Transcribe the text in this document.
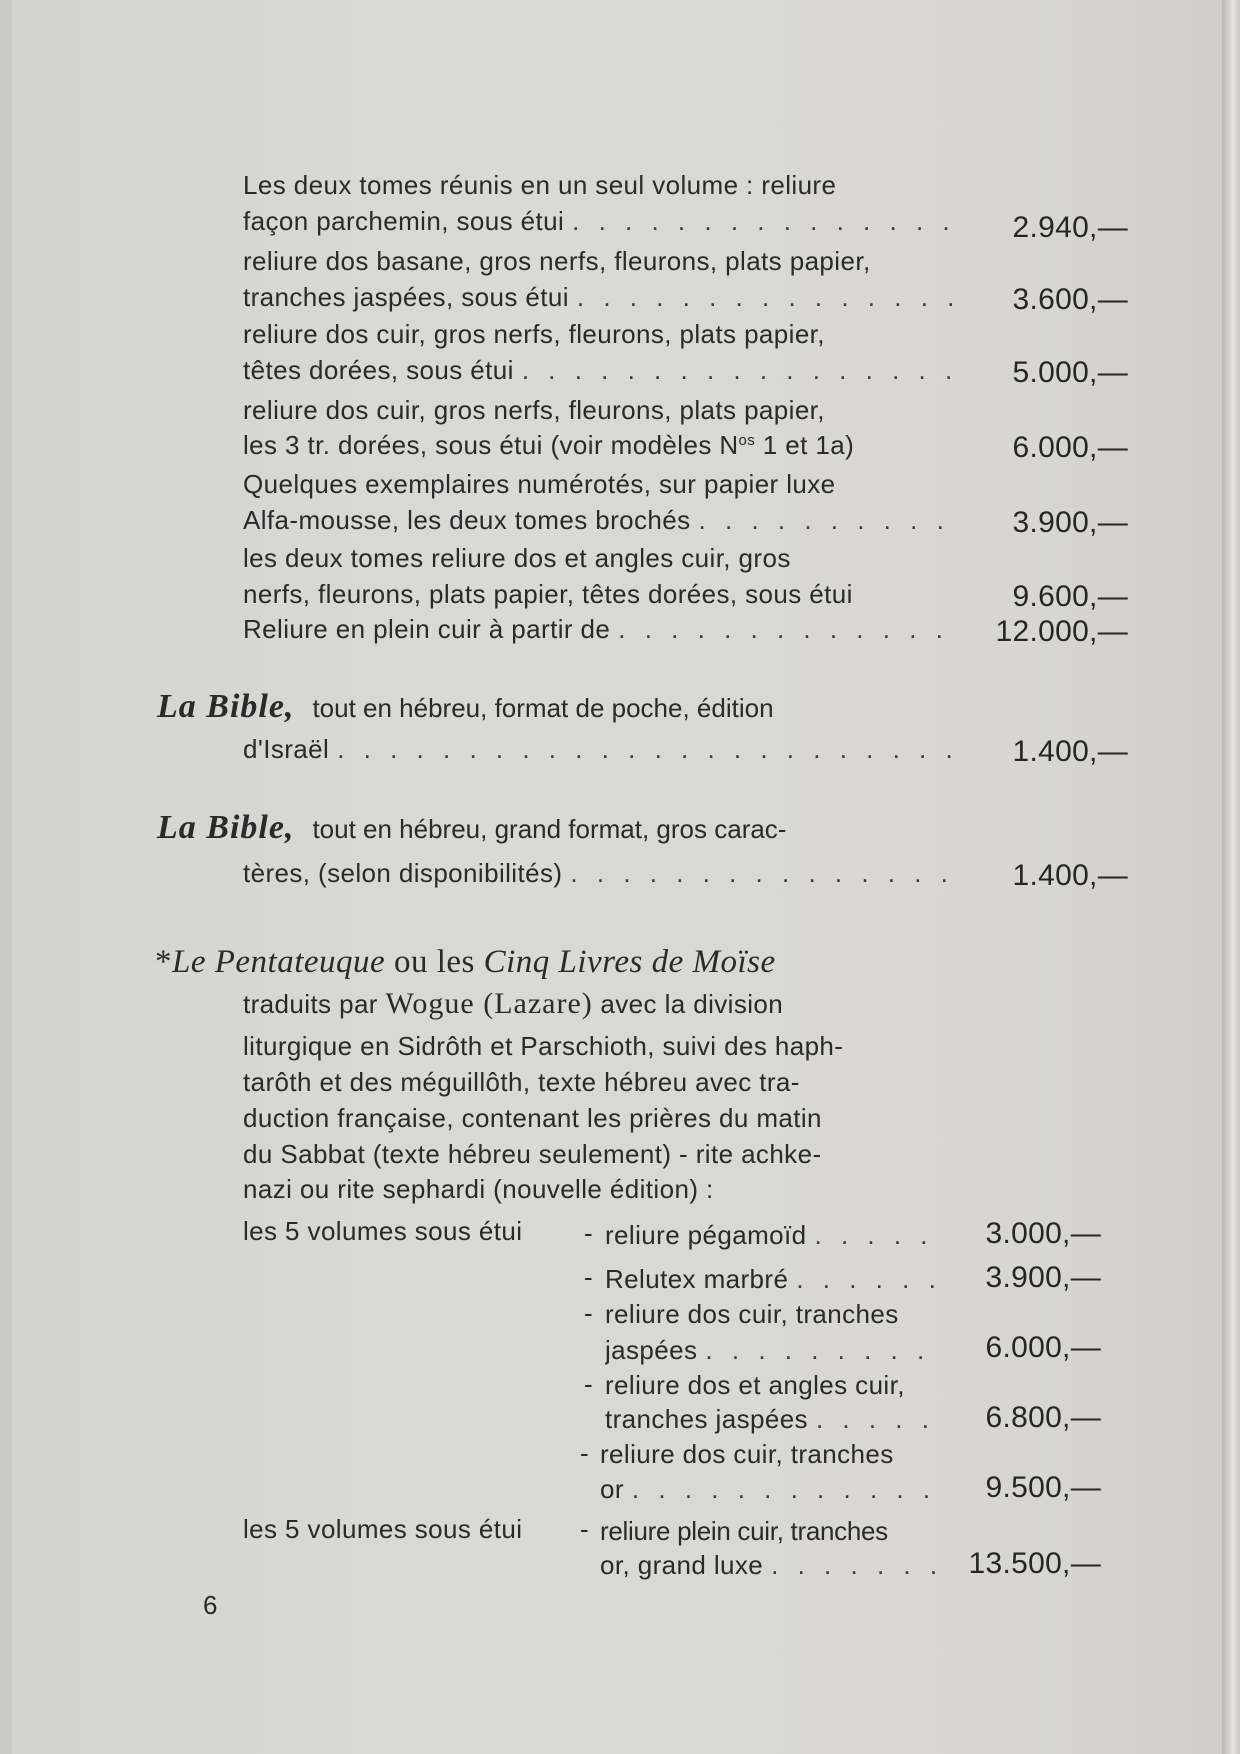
Les deux tomes réunis en un seul volume : reliure
façon parchemin, sous étui . . .	2.940,—
reliure dos basane, gros nerfs, fleurons, plats papier,
tranches jaspées, sous étui . . .	3.600,—
reliure dos cuir, gros nerfs, fleurons, plats papier,
têtes dorées, sous étui . . .	5.000,—
reliure dos cuir, gros nerfs, fleurons, plats papier,
les 3 tr. dorées, sous étui (voir modèles $N^{os}$ 1 et 1a)	6.000,—
Quelques exemplaires numérotés, sur papier luxe
Alfa-mousse, les deux tomes brochés . . .	3.900,—
les deux tomes reliure dos et angles cuir, gros
nerfs, fleurons, plats papier, têtes dorées, sous étui	9.600,—
Reliure en plein cuir à partir de . . .	12.000,—
La Bible, tout en hébreu, format de poche, édition
d'Israël . . .	1.400,—
La Bible, tout en hébreu, grand format, gros carac-
tères, (selon disponibilités) . . .	1.400,—
*Le Pentateuque ou les Cinq Livres de Moïse
traduits par Wogue (Lazare) avec la division
liturgique en Sidrôth et Parschioth, suivi des haph-
tarôth et des méguillôth, texte hébreu avec tra-
duction française, contenant les prières du matin
du Sabbat (texte hébreu seulement) - rite achke-
nazi ou rite sephardi (nouvelle édition) :
les 5 volumes sous étui - reliure pégamoïd . . .	3.000,—
- Relutex marbré . . .	3.900,—
- reliure dos cuir, tranches
jaspées . . .	6.000,—
- reliure dos et angles cuir,
tranches jaspées . . .	6.800,—
- reliure dos cuir, tranches
or . . .	9.500,—
les 5 volumes sous étui - reliure plein cuir, tranches
or, grand luxe . . .	13.500,—
6
